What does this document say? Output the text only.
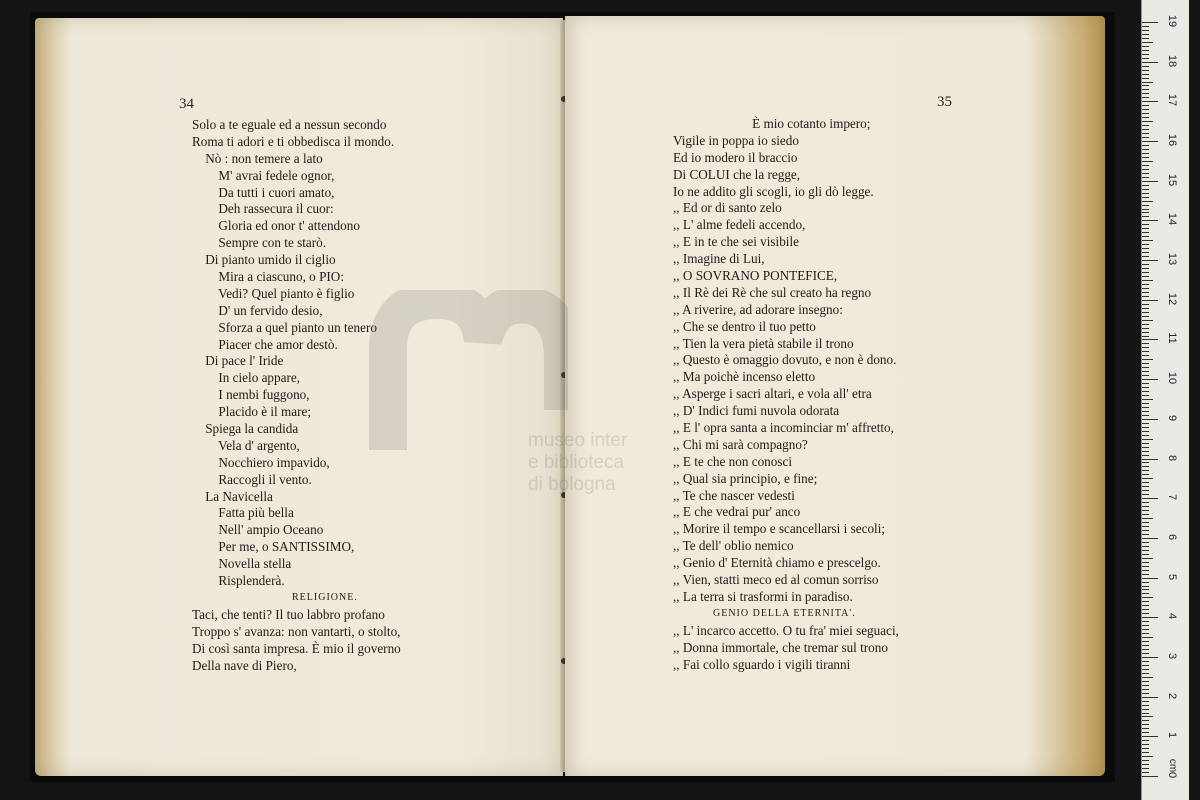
34
Solo a te eguale ed a nessun secondo
Roma ti adori e ti obbedisca il mondo.
Nò : non temere a lato
M' avrai fedele ognor,
Da tutti i cuori amato,
Deh rassecura il cuor:
Gloria ed onor t' attendono
Sempre con te starò.
Di pianto umido il ciglio
Mira a ciascuno, o PIO:
Vedi? Quel pianto è figlio
D' un fervido desio,
Sforza a quel pianto un tenero
Piacer che amor destò.
Di pace l' Iride
In cielo appare,
I nembi fuggono,
Placido è il mare;
Spiega la candida
Vela d' argento,
Nocchiero impavido,
Raccogli il vento.
La Navicella
Fatta più bella
Nell' ampio Oceano
Per me, o SANTISSIMO,
Novella stella
Risplenderà.
RELIGIONE.
Taci, che tenti? Il tuo labbro profano
Troppo s' avanza: non vantarti, o stolto,
Di così santa impresa. È mio il governo
Della nave di Piero,
35
È mio cotanto impero;
Vigile in poppa io siedo
Ed io modero il braccio
Di COLUI che la regge,
Io ne addito gli scogli, io gli dò legge.
,, Ed or di santo zelo
,, L' alme fedeli accendo,
,, E in te che sei visibile
,, Imagine di Lui,
,, O SOVRANO PONTEFICE,
,, Il Rè dei Rè che sul creato ha regno
,, A riverire, ad adorare insegno:
,, Che se dentro il tuo petto
,, Tien la vera pietà stabile il trono
,, Questo è omaggio dovuto, e non è dono.
,, Ma poichè incenso eletto
,, Asperge i sacri altari, e vola all' etra
,, D' Indici fumi nuvola odorata
,, E l' opra santa a incominciar m' affretto,
,, Chi mi sarà compagno?
,, E te che non conosci
,, Qual sia principio, e fine;
,, Te che nascer vedesti
,, E che vedrai pur' anco
,, Morire il tempo e scancellarsi i secoli;
,, Te dell' oblio nemico
,, Genio d' Eternità chiamo e prescelgo.
,, Vien, statti meco ed al comun sorriso
,, La terra si trasformi in paradiso.
GENIO DELLA ETERNITA'.
,, L' incarco accetto. O tu fra' miei seguaci,
,, Donna immortale, che tremar sul trono
,, Fai collo sguardo i vigili tiranni
museo inter
e biblioteca
di bologna
cm
19
18
17
16
15
14
13
12
11
10
9
8
7
6
5
4
3
2
1
0
